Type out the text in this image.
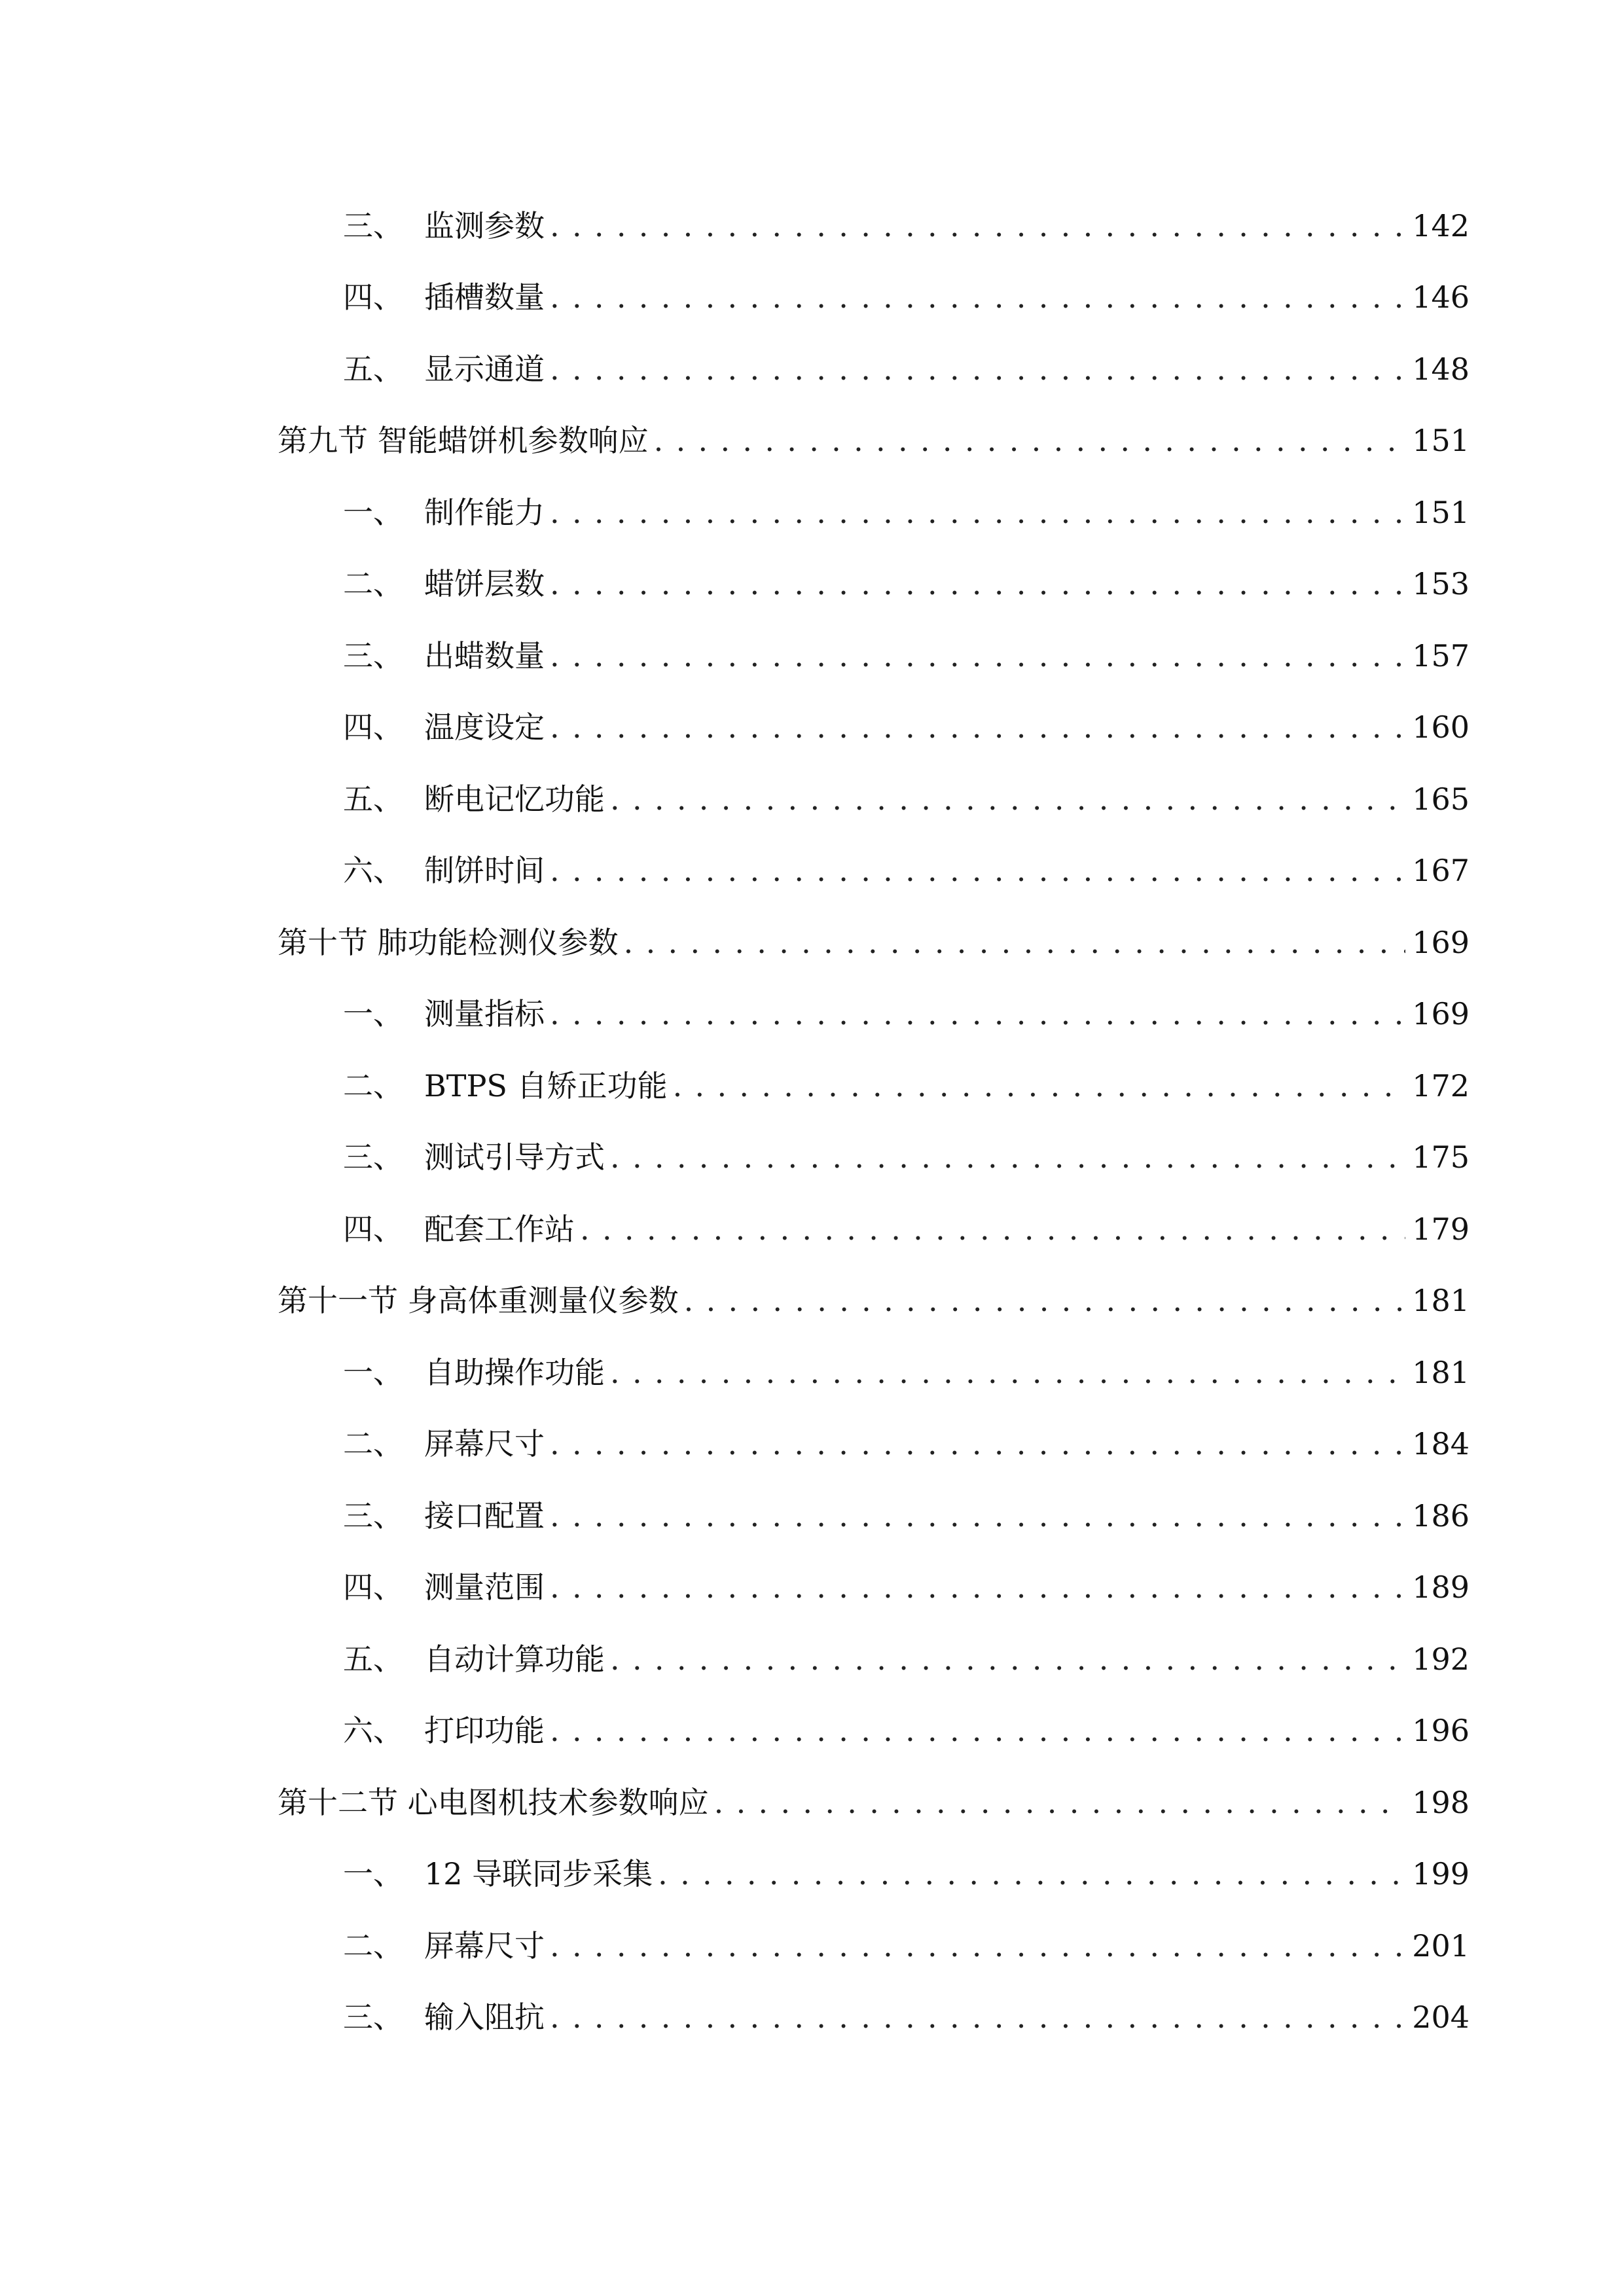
三、 监测参数 .....	142
四、 插槽数量 .....	146
五、 显示通道 .....	148
第九节 智能蜡饼机参数响应 .....	151
一、 制作能力 .....	151
二、 蜡饼层数 .....	153
三、 出蜡数量 .....	157
四、 温度设定 .....	160
五、 断电记忆功能 .....	165
六、 制饼时间 .....	167
第十节 肺功能检测仪参数 .....	169
一、 测量指标 .....	169
二、 BTPS 自矫正功能 .....	172
三、 测试引导方式 .....	175
四、 配套工作站 .....	179
第十一节 身高体重测量仪参数 .....	181
一、 自助操作功能 .....	181
二、 屏幕尺寸 .....	184
三、 接口配置 .....	186
四、 测量范围 .....	189
五、 自动计算功能 .....	192
六、 打印功能 .....	196
第十二节 心电图机技术参数响应 .....	198
一、 12 导联同步采集 .....	199
二、 屏幕尺寸 .....	201
三、 输入阻抗 .....	204
